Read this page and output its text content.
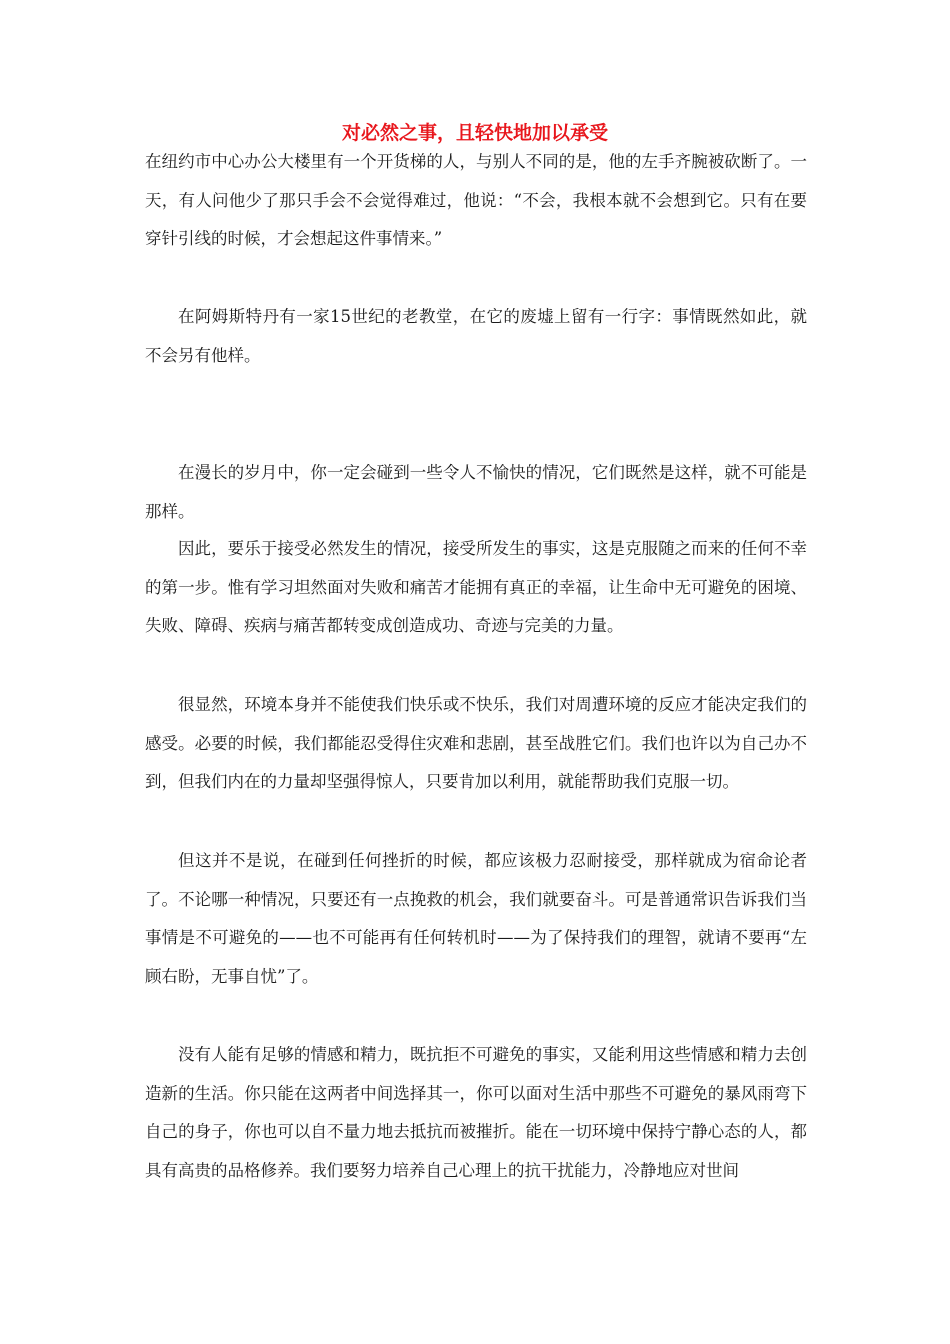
对必然之事，且轻快地加以承受

在纽约市中心办公大楼里有一个开货梯的人，与别人不同的是，他的左手齐腕被砍断了。一天，有人问他少了那只手会不会觉得难过，他说：“不会，我根本就不会想到它。只有在要穿针引线的时候，才会想起这件事情来。”

在阿姆斯特丹有一家15世纪的老教堂，在它的废墟上留有一行字：事情既然如此，就不会另有他样。

在漫长的岁月中，你一定会碰到一些令人不愉快的情况，它们既然是这样，就不可能是那样。

因此，要乐于接受必然发生的情况，接受所发生的事实，这是克服随之而来的任何不幸的第一步。惟有学习坦然面对失败和痛苦才能拥有真正的幸福，让生命中无可避免的困境、失败、障碍、疾病与痛苦都转变成创造成功、奇迹与完美的力量。

很显然，环境本身并不能使我们快乐或不快乐，我们对周遭环境的反应才能决定我们的感受。必要的时候，我们都能忍受得住灾难和悲剧，甚至战胜它们。我们也许以为自己办不到，但我们内在的力量却坚强得惊人，只要肯加以利用，就能帮助我们克服一切。

但这并不是说，在碰到任何挫折的时候，都应该极力忍耐接受，那样就成为宿命论者了。不论哪一种情况，只要还有一点挽救的机会，我们就要奋斗。可是普通常识告诉我们当事情是不可避免的——也不可能再有任何转机时——为了保持我们的理智，就请不要再“左顾右盼，无事自忧”了。

没有人能有足够的情感和精力，既抗拒不可避免的事实，又能利用这些情感和精力去创造新的生活。你只能在这两者中间选择其一，你可以面对生活中那些不可避免的暴风雨弯下自己的身子，你也可以自不量力地去抵抗而被摧折。能在一切环境中保持宁静心态的人，都具有高贵的品格修养。我们要努力培养自己心理上的抗干扰能力，冷静地应对世间
